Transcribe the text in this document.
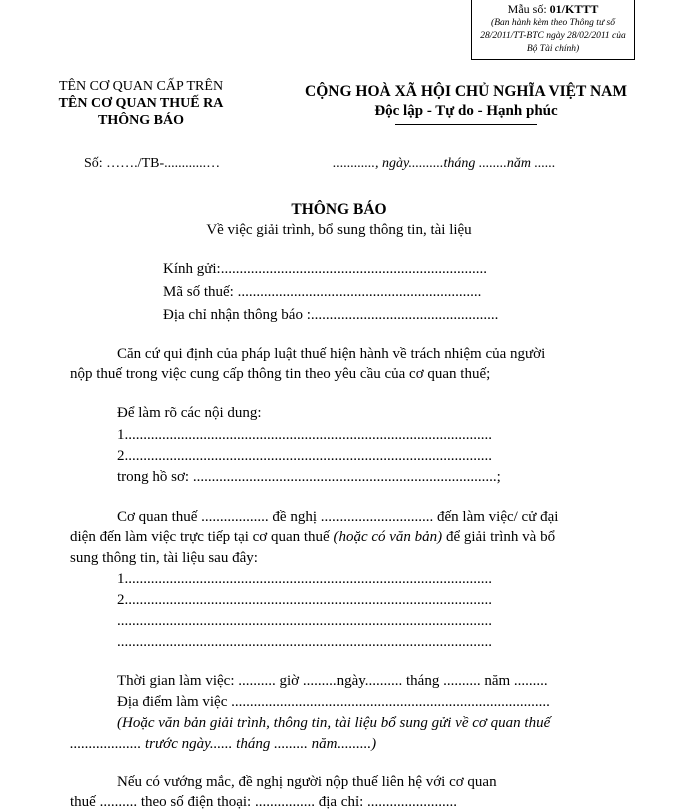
Mẫu số: 01/KTTT
(Ban hành kèm theo Thông tư số 28/2011/TT-BTC ngày 28/02/2011 của Bộ Tài chính)
TÊN CƠ QUAN CẤP TRÊN
TÊN CƠ QUAN THUẾ RA
THÔNG BÁO
Số: ……./TB-............…
CỘNG HOÀ XÃ HỘI CHỦ NGHĨA VIỆT NAM
Độc lập - Tự do - Hạnh phúc
............, ngày..........tháng ........năm ......
THÔNG BÁO
Về việc giải trình, bổ sung thông tin, tài liệu
Kính gửi:.......................................................................
Mã số thuế: .................................................................
Địa chỉ nhận thông báo :..................................................
Căn cứ qui định của pháp luật thuế hiện hành về trách nhiệm của người
nộp thuế trong việc cung cấp thông tin theo yêu cầu của cơ quan thuế;
Để làm rõ các nội dung:
1..................................................................................................
2..................................................................................................
trong hồ sơ: .................................................................................;
Cơ quan thuế .................. đề nghị .............................. đến làm việc/ cử đại
diện đến làm việc trực tiếp tại cơ quan thuế (hoặc có văn bản) để giải trình và bổ
sung thông tin, tài liệu sau đây:
1..................................................................................................
2..................................................................................................
....................................................................................................
....................................................................................................
Thời gian làm việc: .......... giờ .........ngày.......... tháng .......... năm .........
Địa điểm làm việc .....................................................................................
(Hoặc văn bản giải trình, thông tin, tài liệu bổ sung gửi về cơ quan thuế
................... trước ngày...... tháng ......... năm.........)
Nếu có vướng mắc, đề nghị người nộp thuế liên hệ với cơ quan
thuế .......... theo số điện thoại: ................ địa chỉ: ........................
